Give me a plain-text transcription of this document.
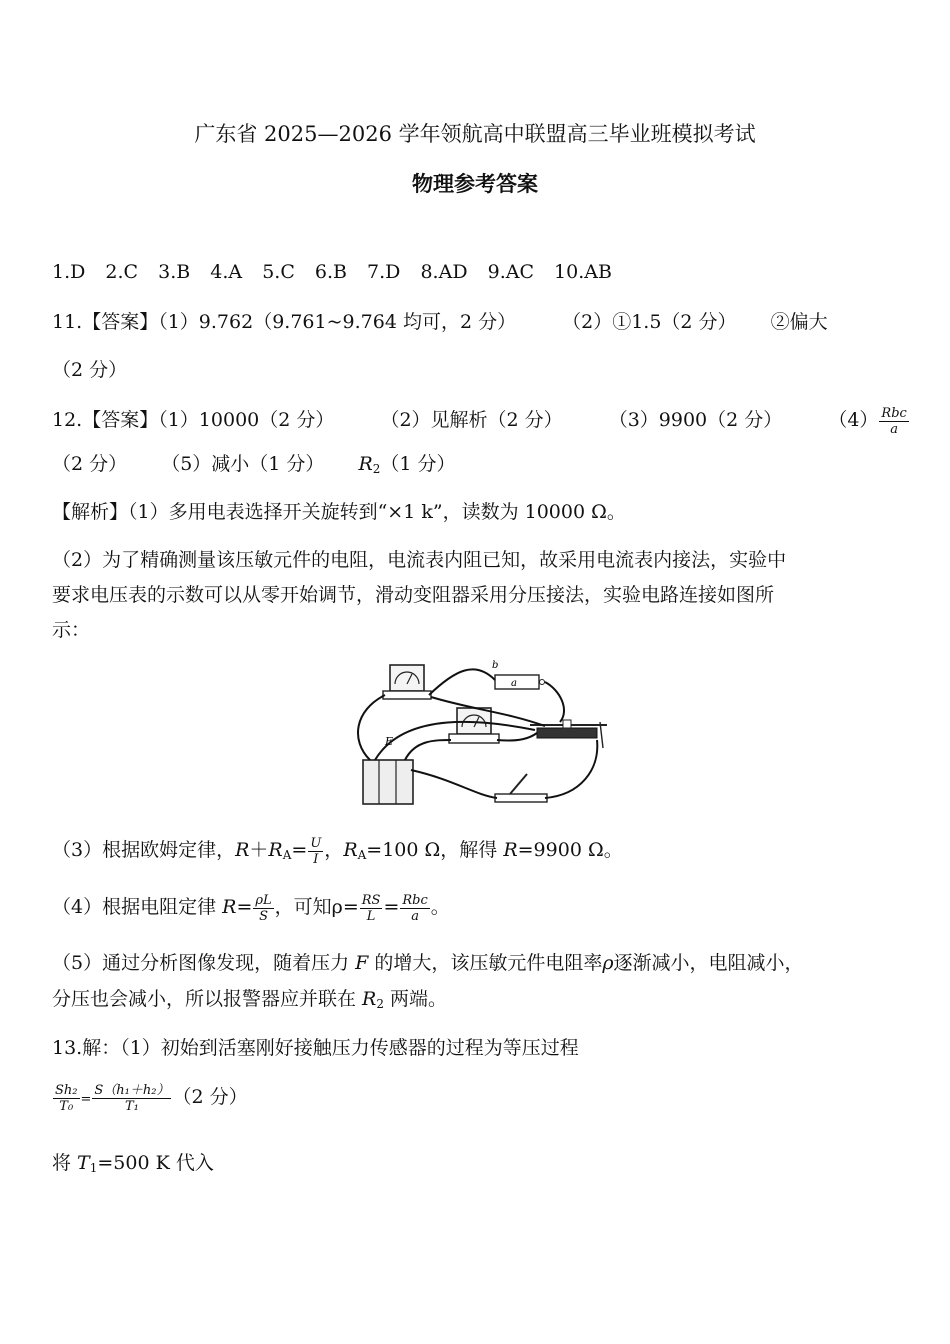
广东省 2025—2026 学年领航高中联盟高三毕业班模拟考试
物理参考答案
1.D 2.C 3.B 4.A 5.C 6.B 7.D 8.AD 9.AC 10.AB
11.【答案】（1）9.762（9.761~9.764 均可，2 分） （2）①1.5（2 分） ②偏大
（2 分）
12.【答案】（1）10000（2 分） （2）见解析（2 分） （3）9900（2 分） $(4) \frac{\text{Rbc}}{a}$
（2 分） （5）减小（1 分） $R_2(1$ 分）
【解析】（1）多用电表选择开关旋转到“×1 k”，读数为 10000 Ω。
（2）为了精确测量该压敏元件的电阻，电流表内阻已知，故采用电流表内接法，实验中
要求电压表的示数可以从零开始调节，滑动变阻器采用分压接法，实验电路连接如图所
示：
a
b
E
（3）根据欧姆定律，$R+R_A= \frac{U}{I}$ ，$R_A=100$ Ω，解得 R=9900 Ω。
（4）根据电阻定律 $R= \frac{\rho L}{S}$ ，可知$\rho= \frac{RS}{L} = \frac{\text{Rbc}}{a}$ 。
（5）通过分析图像发现，随着压力 F 的增大，该压敏元件电阻率ρ逐渐减小，电阻减小，
分压也会减小，所以报警器应并联在 $R_2$ 两端。
13.解：（1）初始到活塞刚好接触压力传感器的过程为等压过程
$\frac{\text{Sh₂}}{\text{T₀}} = \frac{\text{S（h₁＋h₂）}}{\text{T₁}} (2$ 分）
将 $T_1=500$ K 代入
